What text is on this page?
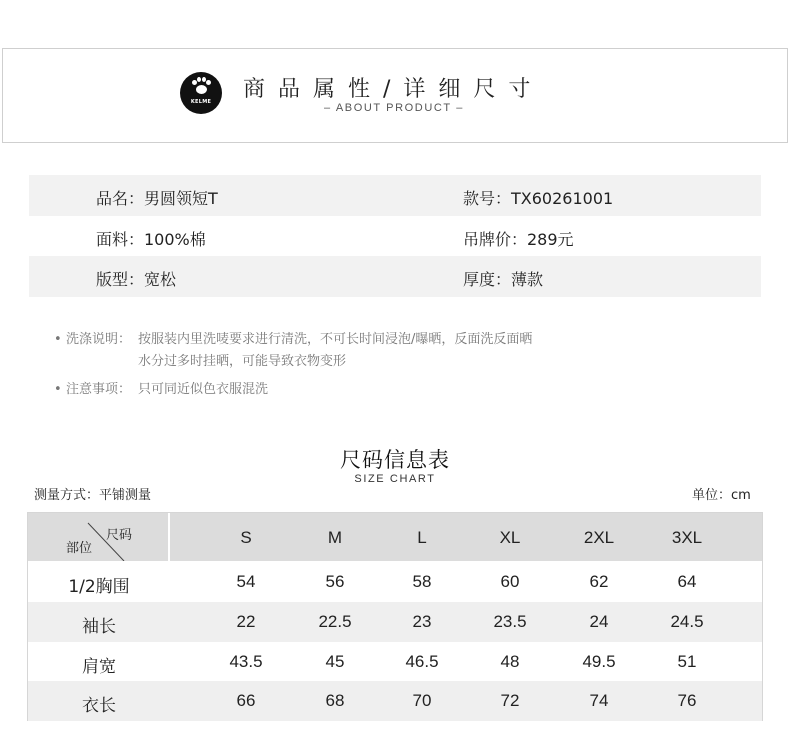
KELME	商品属性/详细尺寸
– ABOUT PRODUCT –
品名：男圆领短T	款号：TX60261001
面料：100%棉	吊牌价：289元
版型：宽松	厚度：薄款
• 洗涤说明： 按服装内里洗唛要求进行清洗，不可长时间浸泡/曝晒，反面洗反面晒
水分过多时挂晒，可能导致衣物变形
• 注意事项： 只可同近似色衣服混洗
尺码信息表
SIZE CHART
测量方式：平铺测量	单位：cm
尺码
部位
S	M	L	XL	2XL	3XL
1/2胸围	54	56	58	60	62	64
袖长	22	22.5	23	23.5	24	24.5
肩宽	43.5	45	46.5	48	49.5	51
衣长	66	68	70	72	74	76
